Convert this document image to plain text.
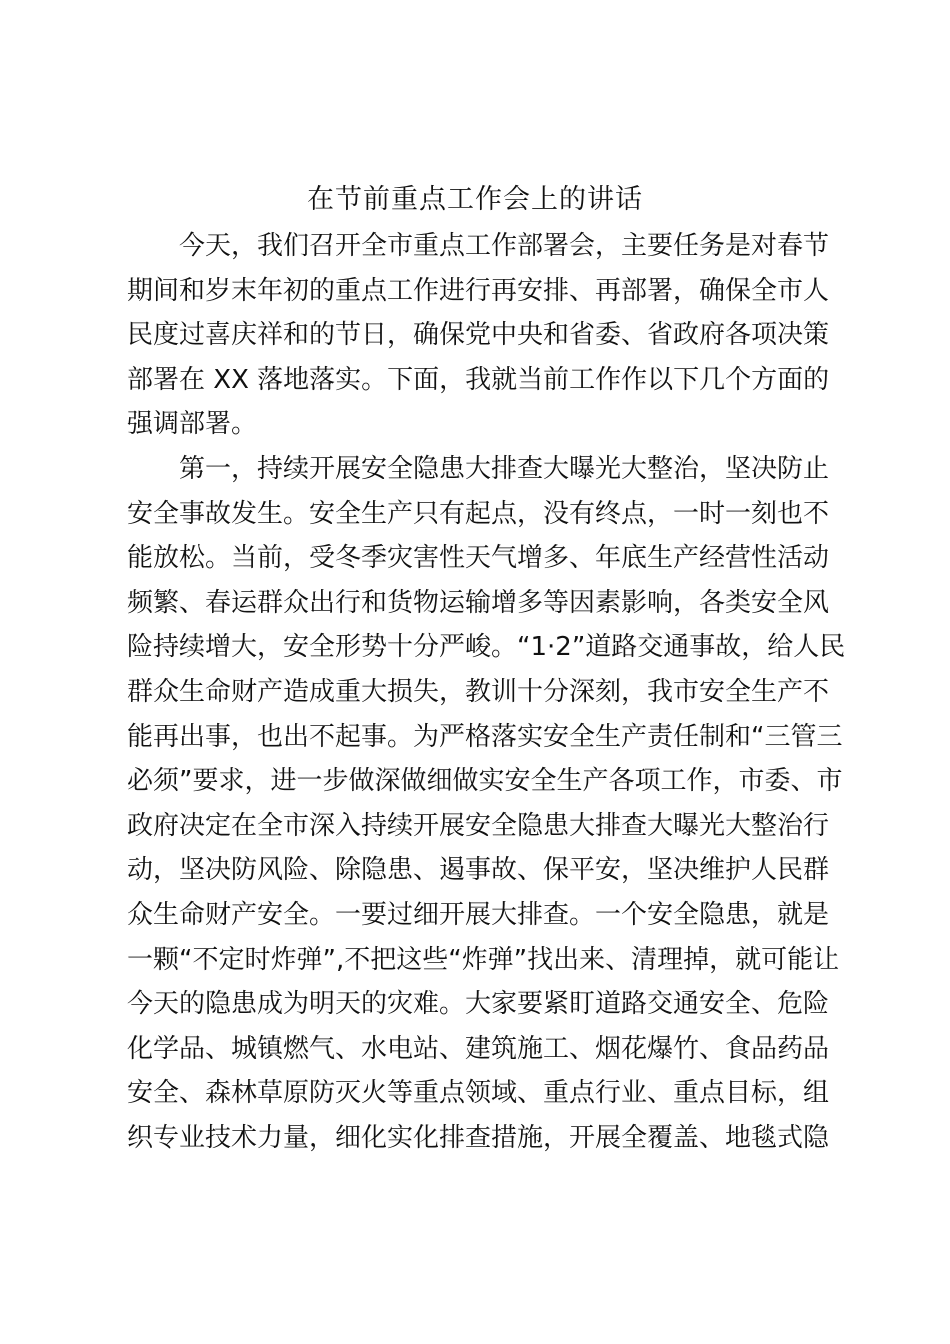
在节前重点工作会上的讲话
今天，我们召开全市重点工作部署会，主要任务是对春节
期间和岁末年初的重点工作进行再安排、再部署，确保全市人
民度过喜庆祥和的节日，确保党中央和省委、省政府各项决策
部署在 XX 落地落实。下面，我就当前工作作以下几个方面的
强调部署。
第一，持续开展安全隐患大排查大曝光大整治，坚决防止
安全事故发生。安全生产只有起点，没有终点，一时一刻也不
能放松。当前，受冬季灾害性天气增多、年底生产经营性活动
频繁、春运群众出行和货物运输增多等因素影响，各类安全风
险持续增大，安全形势十分严峻。“1·2”道路交通事故，给人民
群众生命财产造成重大损失，教训十分深刻，我市安全生产不
能再出事，也出不起事。为严格落实安全生产责任制和“三管三
必须”要求，进一步做深做细做实安全生产各项工作，市委、市
政府决定在全市深入持续开展安全隐患大排查大曝光大整治行
动，坚决防风险、除隐患、遏事故、保平安，坚决维护人民群
众生命财产安全。一要过细开展大排查。一个安全隐患，就是
一颗“不定时炸弹”,不把这些“炸弹”找出来、清理掉，就可能让
今天的隐患成为明天的灾难。大家要紧盯道路交通安全、危险
化学品、城镇燃气、水电站、建筑施工、烟花爆竹、食品药品
安全、森林草原防灭火等重点领域、重点行业、重点目标，组
织专业技术力量，细化实化排查措施，开展全覆盖、地毯式隐
